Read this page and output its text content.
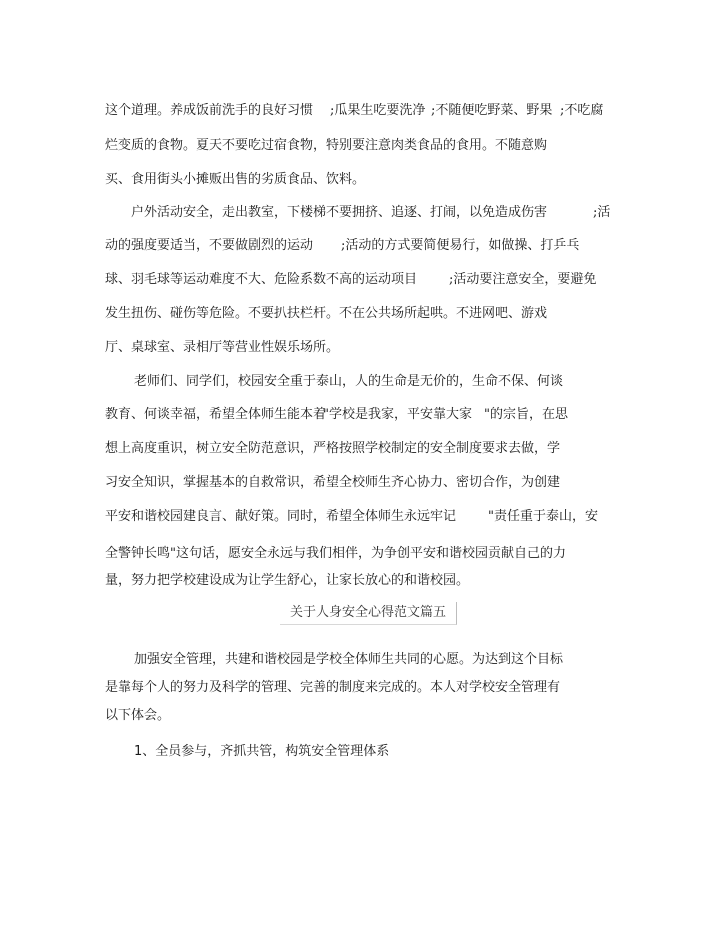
这个道理。养成饭前洗手的良好习惯 ;瓜果生吃要洗净 ;不随便吃野菜、野果 ;不吃腐
烂变质的食物。夏天不要吃过宿食物，特别要注意肉类食品的食用。不随意购
买、食用街头小摊贩出售的劣质食品、饮料。
户外活动安全，走出教室，下楼梯不要拥挤、追逐、打闹，以免造成伤害	;活
动的强度要适当，不要做剧烈的运动 ;活动的方式要简便易行，如做操、打乒乓
球、羽毛球等运动难度不大、危险系数不高的运动项目 ;活动要注意安全，要避免
发生扭伤、碰伤等危险。不要扒扶栏杆。不在公共场所起哄。不进网吧、游戏
厅、桌球室、录相厅等营业性娱乐场所。
老师们、同学们，校园安全重于泰山，人的生命是无价的，生命不保、何谈
教育、何谈幸福，希望全体师生能本着
"学校是我家，平安靠大家 "的宗旨，在思
想上高度重识，树立安全防范意识，严格按照学校制定的安全制度要求去做，学
习安全知识，掌握基本的自救常识，希望全校师生齐心协力、密切合作，为创建
平安和谐校园建良言、献好策。同时，希望全体师生永远牢记 "责任重于泰山，安
全警钟长鸣"这句话，愿安全永远与我们相伴，为争创平安和谐校园贡献自己的力
量，努力把学校建设成为让学生舒心，让家长放心的和谐校园。
关于人身安全心得范文篇五
加强安全管理，共建和谐校园是学校全体师生共同的心愿。为达到这个目标
是靠每个人的努力及科学的管理、完善的制度来完成的。本人对学校安全管理有
以下体会。
1、全员参与，齐抓共管，构筑安全管理体系
